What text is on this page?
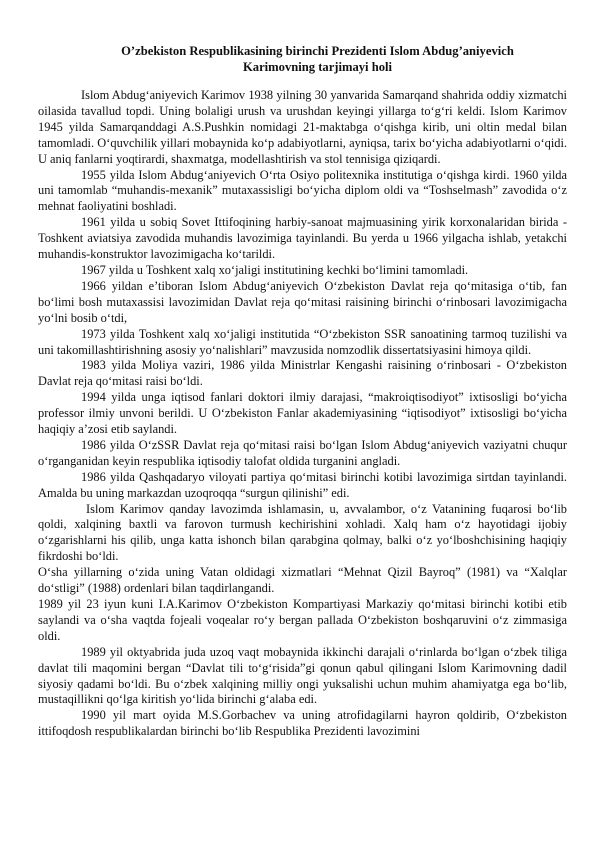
O’zbekiston Respublikasining birinchi Prezidenti Islom Abdug’aniyevich
Karimovning tarjimayi holi

Islom Abdug‘aniyevich Karimov 1938 yilning 30 yanvarida Samarqand shahrida oddiy xizmatchi oilasida tavallud topdi. Uning bolaligi urush va urushdan keyingi yillarga to‘g‘ri keldi. Islom Karimov 1945 yilda Samarqanddagi A.S.Pushkin nomidagi 21-maktabga o‘qishga kirib, uni oltin medal bilan tamomladi. O‘quvchilik yillari mobaynida ko‘p adabiyotlarni, ayniqsa, tarix bo‘yicha adabiyotlarni o‘qidi. U aniq fanlarni yoqtirardi, shaxmatga, modellashtirish va stol tennisiga qiziqardi.

1955 yilda Islom Abdug‘aniyevich O‘rta Osiyo politexnika institutiga o‘qishga kirdi. 1960 yilda uni tamomlab “muhandis-mexanik” mutaxassisligi bo‘yicha diplom oldi va “Toshselmash” zavodida o‘z mehnat faoliyatini boshladi.

1961 yilda u sobiq Sovet Ittifoqining harbiy-sanoat majmuasining yirik korxonalaridan birida - Toshkent aviatsiya zavodida muhandis lavozimiga tayinlandi. Bu yerda u 1966 yilgacha ishlab, yetakchi muhandis-konstruktor lavozimigacha ko‘tarildi.

1967 yilda u Toshkent xalq xo‘jaligi institutining kechki bo‘limini tamomladi.

1966 yildan e’tiboran Islom Abdug‘aniyevich O‘zbekiston Davlat reja qo‘mitasiga o‘tib, fan bo‘limi bosh mutaxassisi lavozimidan Davlat reja qo‘mitasi raisining birinchi o‘rinbosari lavozimigacha yo‘lni bosib o‘tdi,

1973 yilda Toshkent xalq xo‘jaligi institutida “O‘zbekiston SSR sanoatining tarmoq tuzilishi va uni takomillashtirishning asosiy yo‘nalishlari” mavzusida nomzodlik dissertatsiyasini himoya qildi.

1983 yilda Moliya vaziri, 1986 yilda Ministrlar Kengashi raisining o‘rinbosari - O‘zbekiston Davlat reja qo‘mitasi raisi bo‘ldi.

1994 yilda unga iqtisod fanlari doktori ilmiy darajasi, “makroiqtisodiyot” ixtisosligi bo‘yicha professor ilmiy unvoni berildi. U O‘zbekiston Fanlar akademiyasining “iqtisodiyot” ixtisosligi bo‘yicha haqiqiy a’zosi etib saylandi.

1986 yilda O‘zSSR Davlat reja qo‘mitasi raisi bo‘lgan Islom Abdug‘aniyevich vaziyatni chuqur o‘rganganidan keyin respublika iqtisodiy talofat oldida turganini angladi.

1986 yilda Qashqadaryo viloyati partiya qo‘mitasi birinchi kotibi lavozimiga sirtdan tayinlandi. Amalda bu uning markazdan uzoqroqqa “surgun qilinishi” edi.

Islom Karimov qanday lavozimda ishlamasin, u, avvalambor, o‘z Vatanining fuqarosi bo‘lib qoldi, xalqining baxtli va farovon turmush kechirishini xohladi. Xalq ham o‘z hayotidagi ijobiy o‘zgarishlarni his qilib, unga katta ishonch bilan qarabgina qolmay, balki o‘z yo‘lboshchisining haqiqiy fikrdoshi bo‘ldi.

O‘sha yillarning o‘zida uning Vatan oldidagi xizmatlari “Mehnat Qizil Bayroq” (1981) va “Xalqlar do‘stligi” (1988) ordenlari bilan taqdirlangandi.

1989 yil 23 iyun kuni I.A.Karimov O‘zbekiston Kompartiyasi Markaziy qo‘mitasi birinchi kotibi etib saylandi va o‘sha vaqtda fojeali voqealar ro‘y bergan pallada O‘zbekiston boshqaruvini o‘z zimmasiga oldi.

1989 yil oktyabrida juda uzoq vaqt mobaynida ikkinchi darajali o‘rinlarda bo‘lgan o‘zbek tiliga davlat tili maqomini bergan “Davlat tili to‘g‘risida”gi qonun qabul qilingani Islom Karimovning dadil siyosiy qadami bo‘ldi. Bu o‘zbek xalqining milliy ongi yuksalishi uchun muhim ahamiyatga ega bo‘lib, mustaqillikni qo‘lga kiritish yo‘lida birinchi g‘alaba edi.

1990 yil mart oyida M.S.Gorbachev va uning atrofidagilarni hayron qoldirib, O‘zbekiston ittifoqdosh respublikalardan birinchi bo‘lib Respublika Prezidenti lavozimini
